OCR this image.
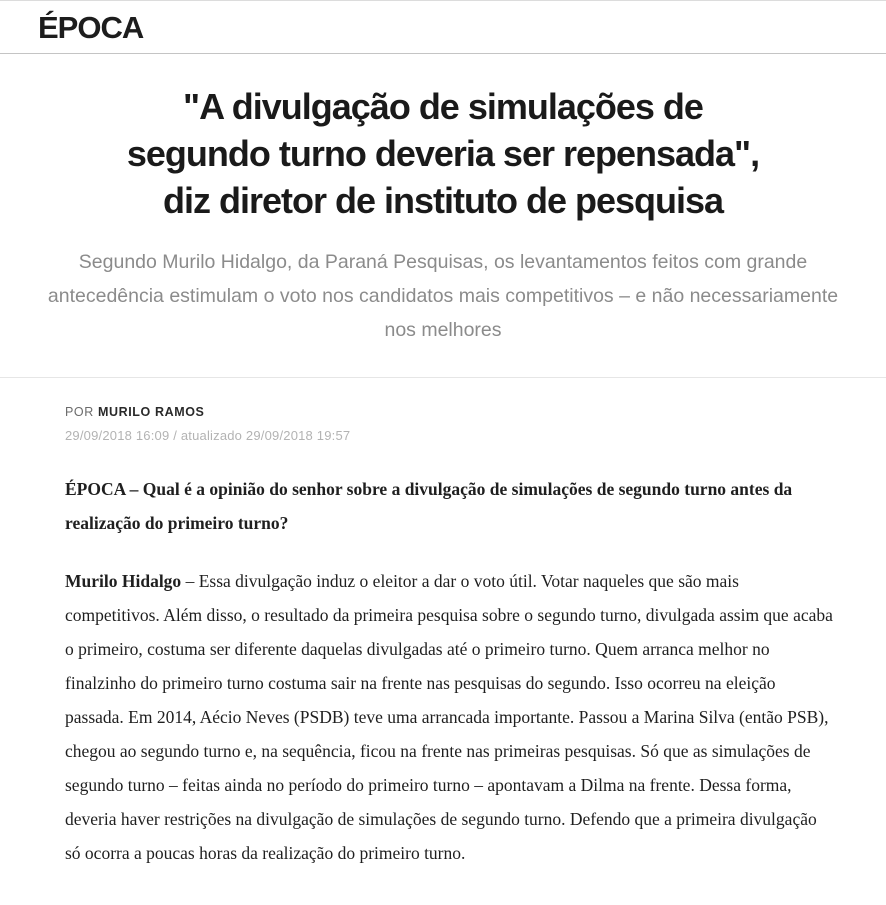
ÉPOCA
"A divulgação de simulações de
segundo turno deveria ser repensada",
diz diretor de instituto de pesquisa
Segundo Murilo Hidalgo, da Paraná Pesquisas, os levantamentos feitos com grande
antecedência estimulam o voto nos candidatos mais competitivos – e não necessariamente
nos melhores
POR MURILO RAMOS
29/09/2018 16:09 / atualizado 29/09/2018 19:57

ÉPOCA – Qual é a opinião do senhor sobre a divulgação de simulações de segundo turno antes da realização do primeiro turno?

Murilo Hidalgo – Essa divulgação induz o eleitor a dar o voto útil. Votar naqueles que são mais competitivos. Além disso, o resultado da primeira pesquisa sobre o segundo turno, divulgada assim que acaba o primeiro, costuma ser diferente daquelas divulgadas até o primeiro turno. Quem arranca melhor no finalzinho do primeiro turno costuma sair na frente nas pesquisas do segundo. Isso ocorreu na eleição passada. Em 2014, Aécio Neves (PSDB) teve uma arrancada importante. Passou a Marina Silva (então PSB), chegou ao segundo turno e, na sequência, ficou na frente nas primeiras pesquisas. Só que as simulações de segundo turno – feitas ainda no período do primeiro turno – apontavam a Dilma na frente. Dessa forma, deveria haver restrições na divulgação de simulações de segundo turno. Defendo que a primeira divulgação só ocorra a poucas horas da realização do primeiro turno.
